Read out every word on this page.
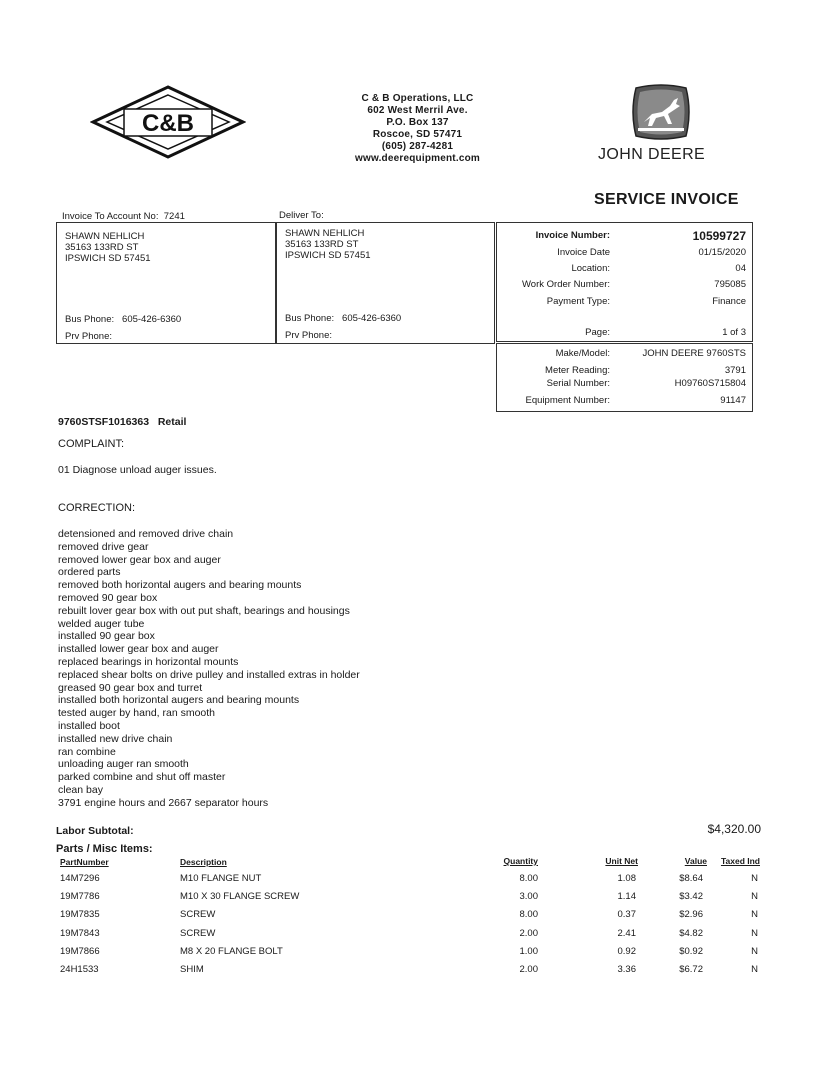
C&B
C & B Operations, LLC
602 West Merril Ave.
P.O. Box 137
Roscoe, SD 57471
(605) 287-4281
www.deerequipment.com	JOHN DEERE
SERVICE INVOICE
Invoice To Account No: 7241
SHAWN NEHLICH
35163 133RD ST
IPSWICH SD 57451
Bus Phone: 605-426-6360
Prv Phone:
Deliver To:
SHAWN NEHLICH
35163 133RD ST
IPSWICH SD 57451
Bus Phone: 605-426-6360
Prv Phone:
Invoice Number:	10599727
Invoice Date	01/15/2020
Location:	04
Work Order Number:	795085
Payment Type:	Finance
Page:	1 of 3
Make/Model:	JOHN DEERE 9760STS
Meter Reading:	3791
Serial Number:	H09760S715804
Equipment Number:	91147
9760STSF1016363 Retail
COMPLAINT:
01 Diagnose unload auger issues.
CORRECTION:
detensioned and removed drive chain
removed drive gear
removed lower gear box and auger
ordered parts
removed both horizontal augers and bearing mounts
removed 90 gear box
rebuilt lover gear box with out put shaft, bearings and housings
welded auger tube
installed 90 gear box
installed lower gear box and auger
replaced bearings in horizontal mounts
replaced shear bolts on drive pulley and installed extras in holder
greased 90 gear box and turret
installed both horizontal augers and bearing mounts
tested auger by hand, ran smooth
installed boot
installed new drive chain
ran combine
unloading auger ran smooth
parked combine and shut off master
clean bay
3791 engine hours and 2667 separator hours
Labor Subtotal:	$4,320.00
Parts / Misc Items:
PartNumber	Description	Quantity	Unit Net	Value Taxed Ind
14M7296	M10 FLANGE NUT	8.00	1.08	$8.64	N
19M7786	M10 X 30 FLANGE SCREW	3.00	1.14	$3.42	N
19M7835	SCREW	8.00	0.37	$2.96	N
19M7843	SCREW	2.00	2.41	$4.82	N
19M7866	M8 X 20 FLANGE BOLT	1.00	0.92	$0.92	N
24H1533	SHIM	2.00	3.36	$6.72	N
